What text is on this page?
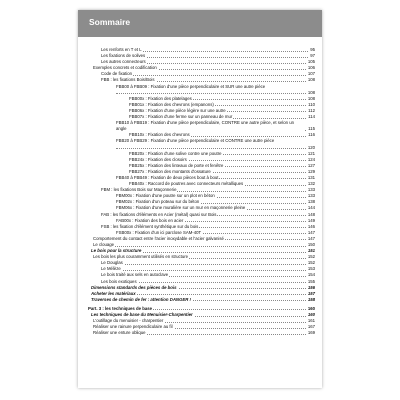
Sommaire
Les renforts en T et L	95
Les fixations de solives	97
Les autres connecteurs	105
Exemples concrets et codification	106
Code de fixation	107
FBB : les fixations Bois/Bois	108
FBB00 à FBB09 : Fixation d'une pièce perpendiculaire et SUR une autre pièce
108
FBB00x : Fixation des platelages	108
FBB01x : Fixation des chevrons (empanons)	110
FBB06x : Fixation d'une pièce légère sur une autre	112
FBB07x : Fixation d'une ferme sur un panneau de mur	114
FBB10 à FBB19 : Fixation d'une pièce perpendiculaire, CONTRE une autre pièce, et selon un angle	115
FBB10x : Fixation des chevrons	116
FBB20 à FBB29 : Fixation d'une pièce perpendiculaire et CONTRE une autre pièce
120
FBB20x : Fixation d'une solive contre une poutre	121
FBB24x : Fixation des closoirs	124
FBB25x : Fixation des linteaux de porte et fenêtre	127
FBB27x : Fixation des montants d'ossature	129
FBB40 à FBB49 : Fixation de deux pièces bout à bout	131
FBB40x : Raccord de poutres avec connecteurs métalliques	132
FBM : les fixations Bois sur Maçonnerie	133
FBM00x : Fixation d'une poutre sur un plot en béton	133
FBM02x : Fixation d'un poteau sur du béton	138
FBM06x : Fixation d'une muralière sur un mur en maçonnerie pleine	144
FAB : les fixations d'éléments en Acier (métal) quasi sur Bois	148
FAB00x : Fixation des bois en acier	149
FSB : les fixation d'élément synthétique sur du bois	146
FSB00x : Fixation d'un ici parclose SAM-40T	147
Comportement du contact entre l'acier inoxydable et l'acier galvanisé	147
Le clouage	150
Le bois pour la structure	151
Les bois les plus couramment utilisés en structure	152
Le Douglas	152
Le Mélèze	153
Le bois traité aux sels en autoclave	154
Les bois exotiques	155
Dimensions standards des pièces de bois	156
Acheter les matériaux	157
Traverses de chemin de fer : attention DANGER !	158
Part. 3 : les techniques de base	160
Les techniques de base du Menuisier-Charpentier	160
L'outillage du menuisier - charpentier	161
Réaliser une rainure perpendiculaire au fil	167
Réaliser une enture oblique	169
